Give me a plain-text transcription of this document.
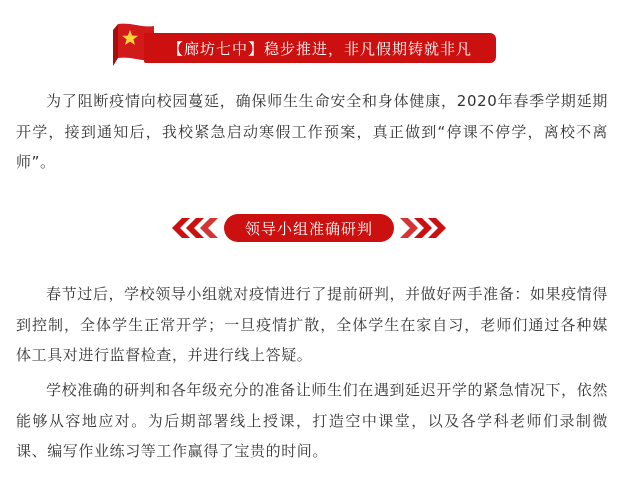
【廊坊七中】稳步推进，非凡假期铸就非凡

为了阻断疫情向校园蔓延，确保师生生命安全和身体健康，2020年春季学期延期开学，接到通知后，我校紧急启动寒假工作预案，真正做到“停课不停学，离校不离师”。

领导小组准确研判

春节过后，学校领导小组就对疫情进行了提前研判，并做好两手准备：如果疫情得到控制，全体学生正常开学；一旦疫情扩散，全体学生在家自习，老师们通过各种媒体工具对进行监督检查，并进行线上答疑。

学校准确的研判和各年级充分的准备让师生们在遇到延迟开学的紧急情况下，依然能够从容地应对。为后期部署线上授课，打造空中课堂，以及各学科老师们录制微课、编写作业练习等工作赢得了宝贵的时间。
